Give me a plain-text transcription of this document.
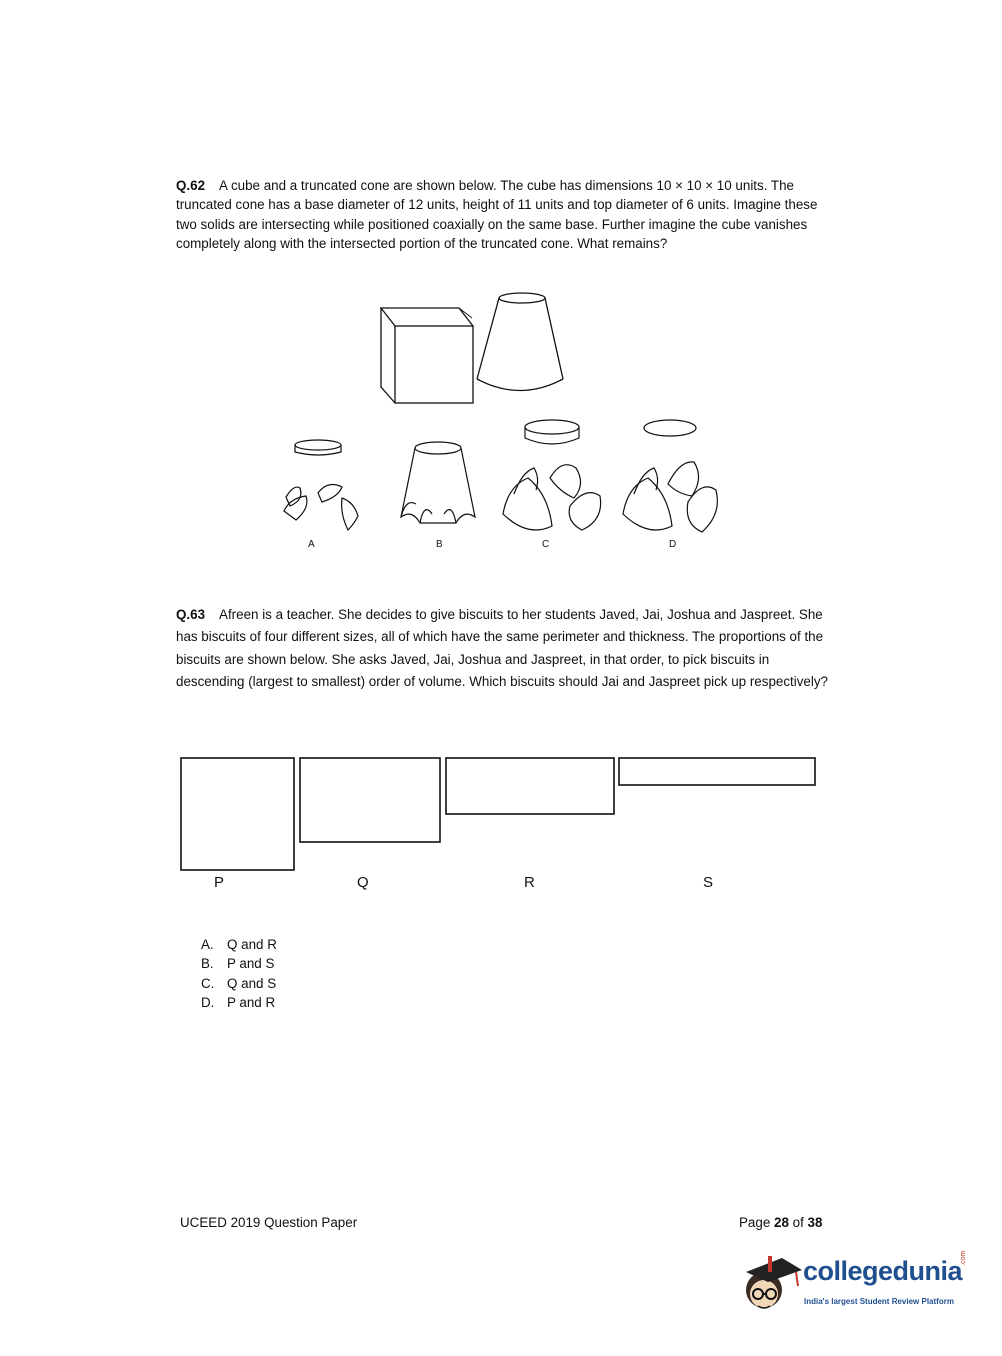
Q.62 A cube and a truncated cone are shown below. The cube has dimensions 10 × 10 × 10 units. The truncated cone has a base diameter of 12 units, height of 11 units and top diameter of 6 units. Imagine these two solids are intersecting while positioned coaxially on the same base. Further imagine the cube vanishes completely along with the intersected portion of the truncated cone. What remains?

A	B	C	D

Q.63 Afreen is a teacher. She decides to give biscuits to her students Javed, Jai, Joshua and Jaspreet. She has biscuits of four different sizes, all of which have the same perimeter and thickness. The proportions of the biscuits are shown below. She asks Javed, Jai, Joshua and Jaspreet, in that order, to pick biscuits in descending (largest to smallest) order of volume. Which biscuits should Jai and Jaspreet pick up respectively?

P	Q	R	S
A. Q and R
B. P and S
C. Q and S
D. P and R
UCEED 2019 Question Paper	Page 28 of 38
collegedunia
.com
India's largest Student Review Platform
